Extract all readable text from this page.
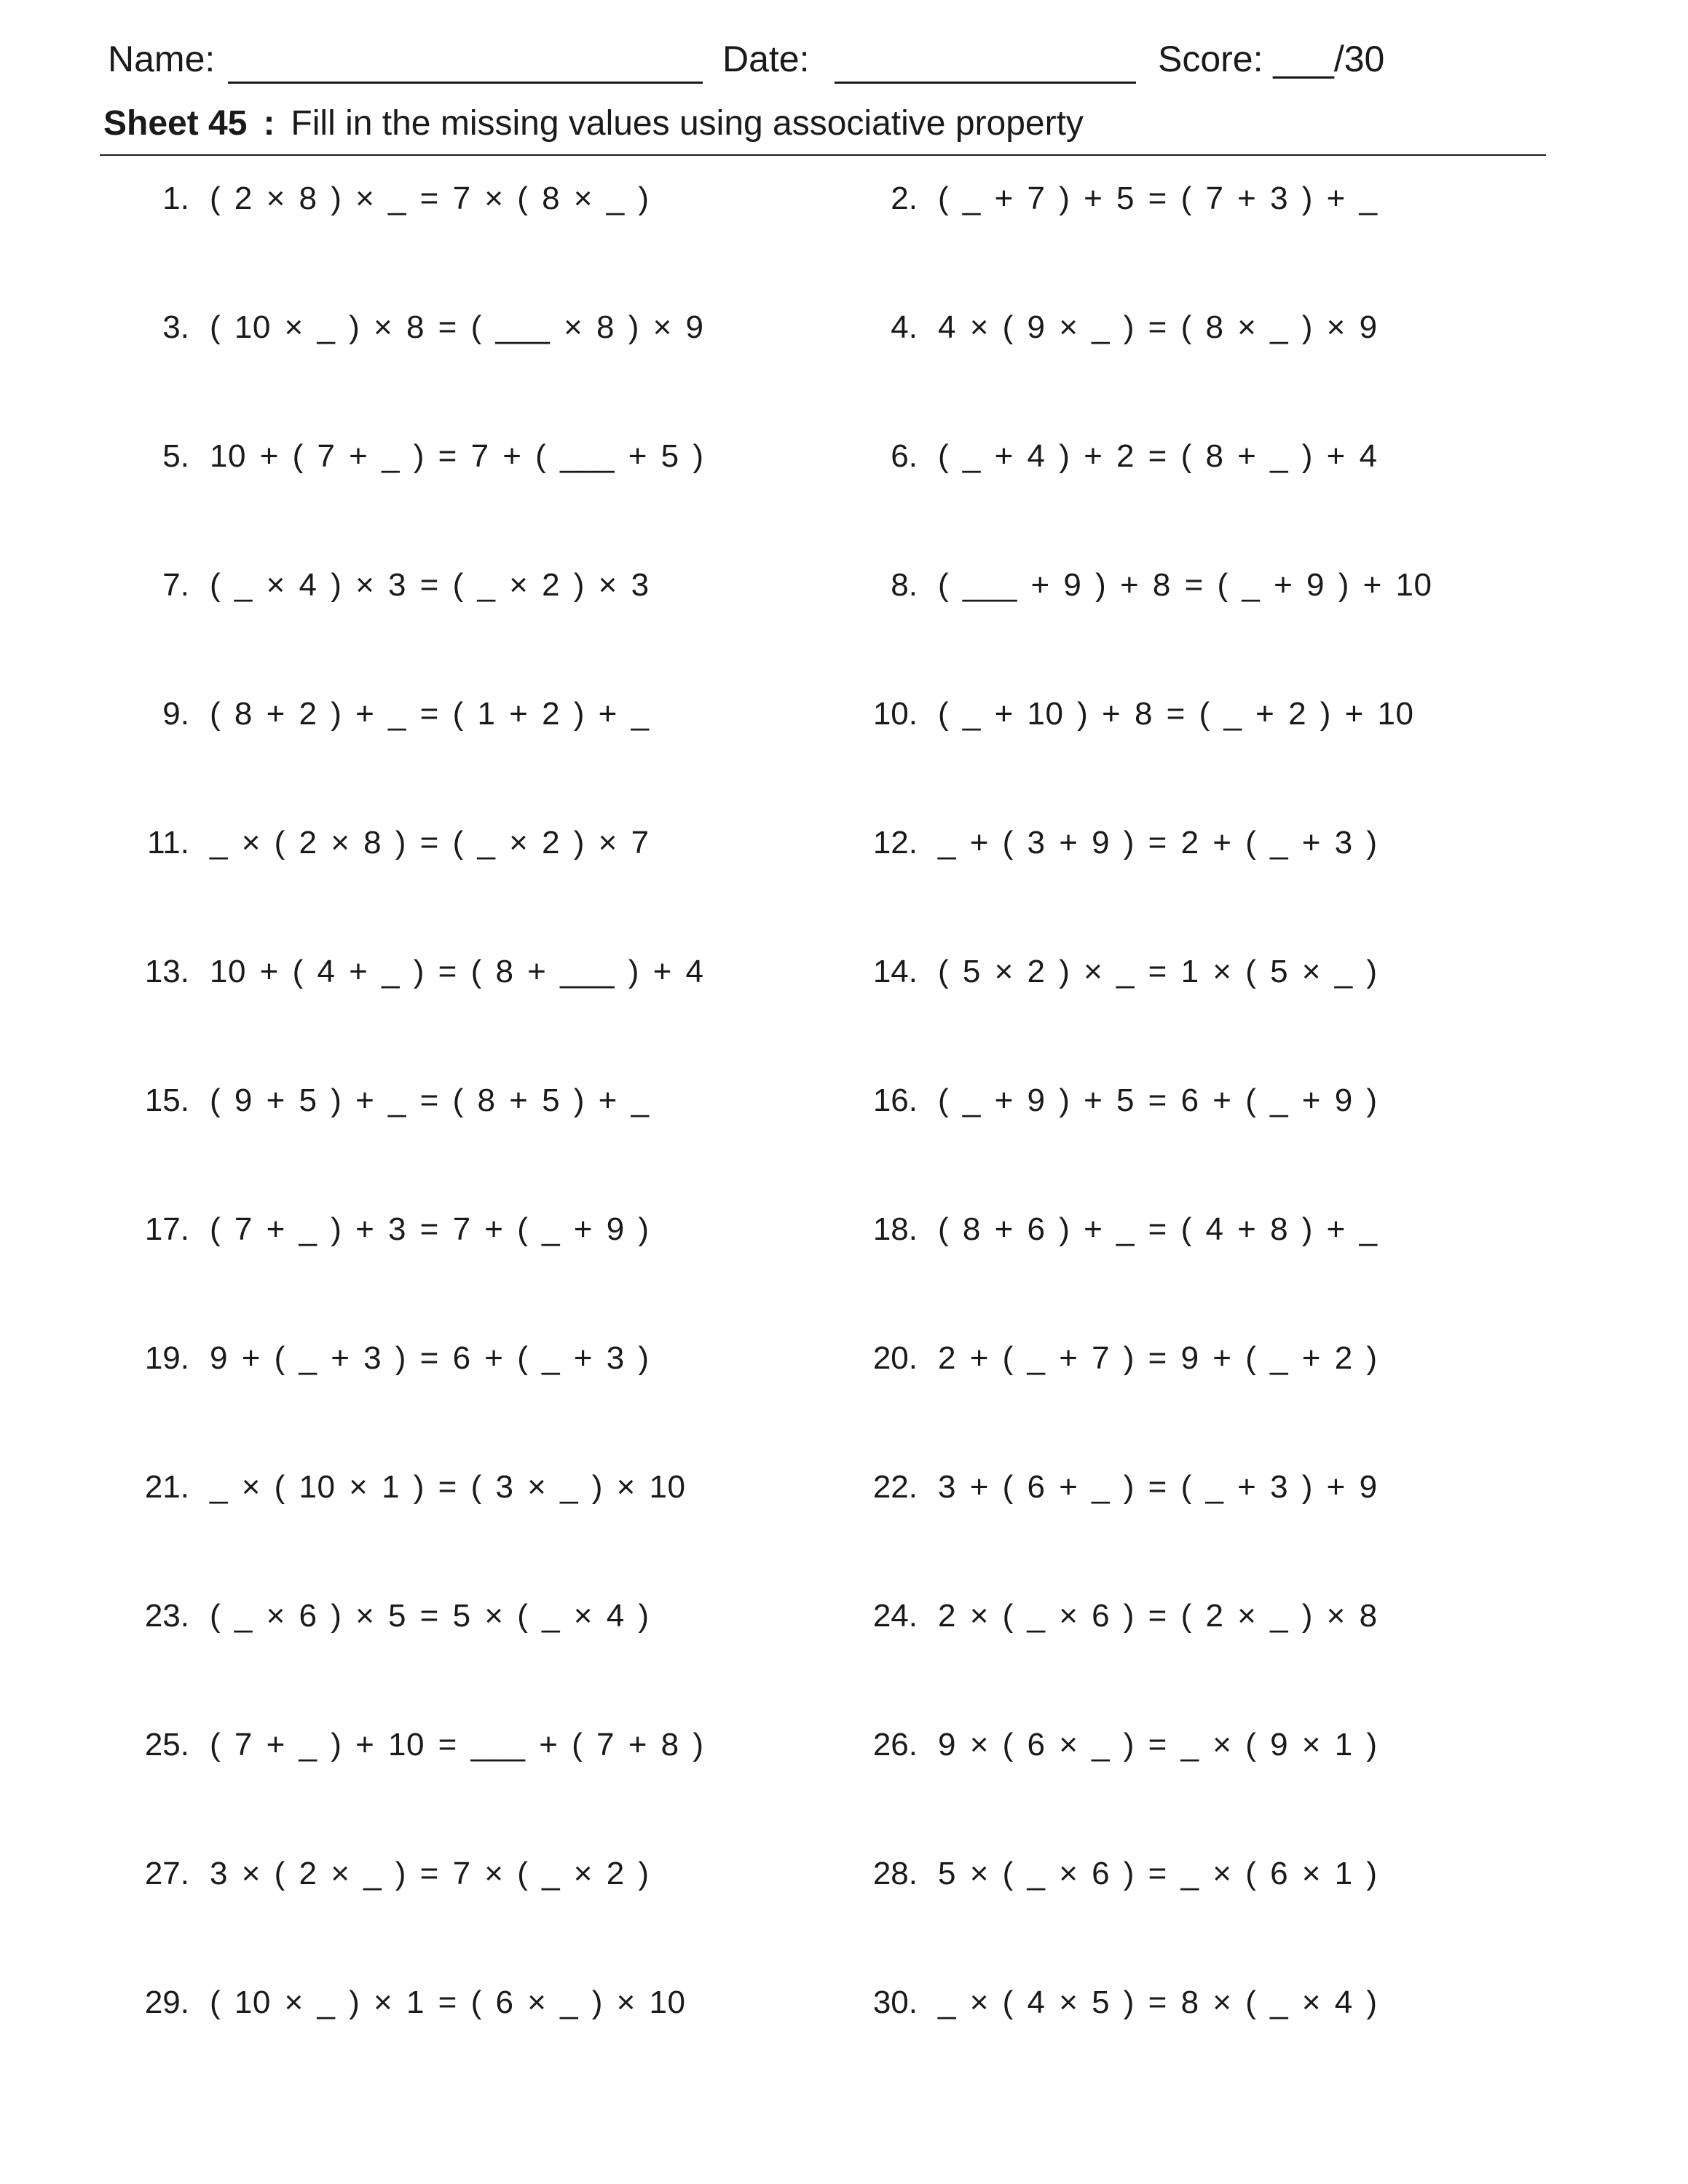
Name:	Date:	Score: ___/30
Sheet 45 : Fill in the missing values using associative property
1. ( 2 × 8 ) × _ = 7 × ( 8 × _ )	2. ( _ + 7 ) + 5 = ( 7 + 3 ) + _
3. ( 10 × _ ) × 8 = ( ___ × 8 ) × 9	4. 4 × ( 9 × _ ) = ( 8 × _ ) × 9
5. 10 + ( 7 + _ ) = 7 + ( ___ + 5 )	6. ( _ + 4 ) + 2 = ( 8 + _ ) + 4
7. ( _ × 4 ) × 3 = ( _ × 2 ) × 3	8. ( ___ + 9 ) + 8 = ( _ + 9 ) + 10
9. ( 8 + 2 ) + _ = ( 1 + 2 ) + _	10. ( _ + 10 ) + 8 = ( _ + 2 ) + 10
11. _ × ( 2 × 8 ) = ( _ × 2 ) × 7	12. _ + ( 3 + 9 ) = 2 + ( _ + 3 )
13. 10 + ( 4 + _ ) = ( 8 + ___ ) + 4	14. ( 5 × 2 ) × _ = 1 × ( 5 × _ )
15. ( 9 + 5 ) + _ = ( 8 + 5 ) + _	16. ( _ + 9 ) + 5 = 6 + ( _ + 9 )
17. ( 7 + _ ) + 3 = 7 + ( _ + 9 )	18. ( 8 + 6 ) + _ = ( 4 + 8 ) + _
19. 9 + ( _ + 3 ) = 6 + ( _ + 3 )	20. 2 + ( _ + 7 ) = 9 + ( _ + 2 )
21. _ × ( 10 × 1 ) = ( 3 × _ ) × 10	22. 3 + ( 6 + _ ) = ( _ + 3 ) + 9
23. ( _ × 6 ) × 5 = 5 × ( _ × 4 )	24. 2 × ( _ × 6 ) = ( 2 × _ ) × 8
25. ( 7 + _ ) + 10 = ___ + ( 7 + 8 )	26. 9 × ( 6 × _ ) = _ × ( 9 × 1 )
27. 3 × ( 2 × _ ) = 7 × ( _ × 2 )	28. 5 × ( _ × 6 ) = _ × ( 6 × 1 )
29. ( 10 × _ ) × 1 = ( 6 × _ ) × 10	30. _ × ( 4 × 5 ) = 8 × ( _ × 4 )
